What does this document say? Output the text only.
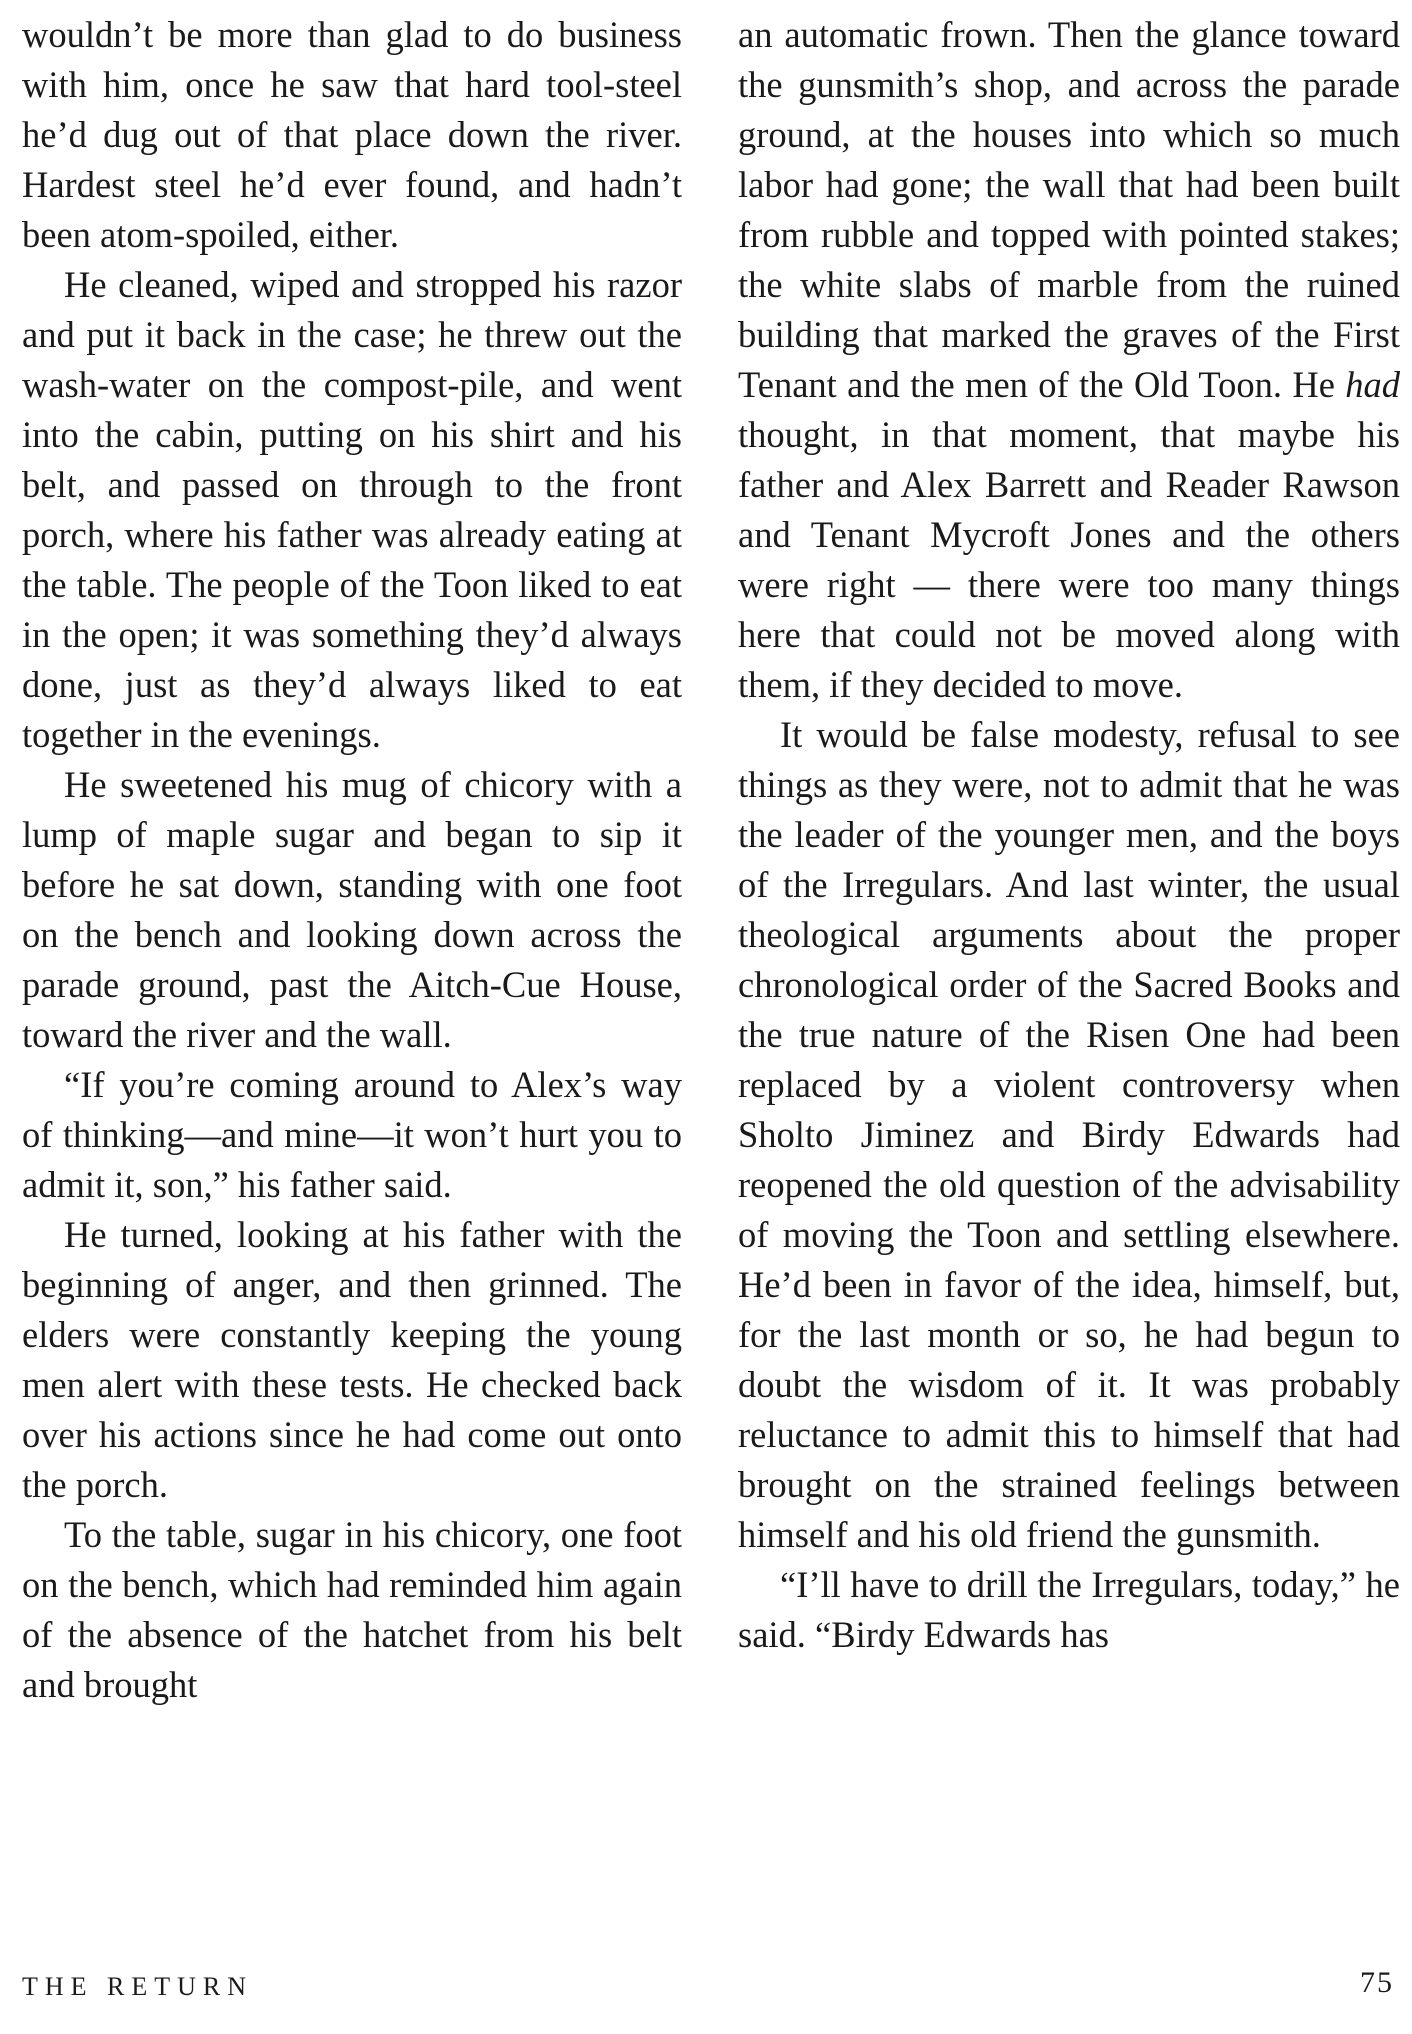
wouldn’t be more than glad to do business with him, once he saw that hard tool-steel he’d dug out of that place down the river. Hardest steel he’d ever found, and hadn’t been atom-spoiled, either.

He cleaned, wiped and stropped his razor and put it back in the case; he threw out the wash-water on the compost-pile, and went into the cabin, putting on his shirt and his belt, and passed on through to the front porch, where his father was already eating at the table. The people of the Toon liked to eat in the open; it was something they’d always done, just as they’d always liked to eat together in the evenings.

He sweetened his mug of chicory with a lump of maple sugar and began to sip it before he sat down, standing with one foot on the bench and looking down across the parade ground, past the Aitch-Cue House, toward the river and the wall.

“If you’re coming around to Alex’s way of thinking—and mine—it won’t hurt you to admit it, son,” his father said.

He turned, looking at his father with the beginning of anger, and then grinned. The elders were constantly keeping the young men alert with these tests. He checked back over his actions since he had come out onto the porch.

To the table, sugar in his chicory, one foot on the bench, which had reminded him again of the absence of the hatchet from his belt and brought

an automatic frown. Then the glance toward the gunsmith’s shop, and across the parade ground, at the houses into which so much labor had gone; the wall that had been built from rubble and topped with pointed stakes; the white slabs of marble from the ruined building that marked the graves of the First Tenant and the men of the Old Toon. He had thought, in that moment, that maybe his father and Alex Barrett and Reader Rawson and Tenant Mycroft Jones and the others were right — there were too many things here that could not be moved along with them, if they decided to move.

It would be false modesty, refusal to see things as they were, not to admit that he was the leader of the younger men, and the boys of the Irregulars. And last winter, the usual theological arguments about the proper chronological order of the Sacred Books and the true nature of the Risen One had been replaced by a violent controversy when Sholto Jiminez and Birdy Edwards had reopened the old question of the advisability of moving the Toon and settling elsewhere. He’d been in favor of the idea, himself, but, for the last month or so, he had begun to doubt the wisdom of it. It was probably reluctance to admit this to himself that had brought on the strained feelings between himself and his old friend the gunsmith.

“I’ll have to drill the Irregulars, today,” he said. “Birdy Edwards has

THE RETURN	75
